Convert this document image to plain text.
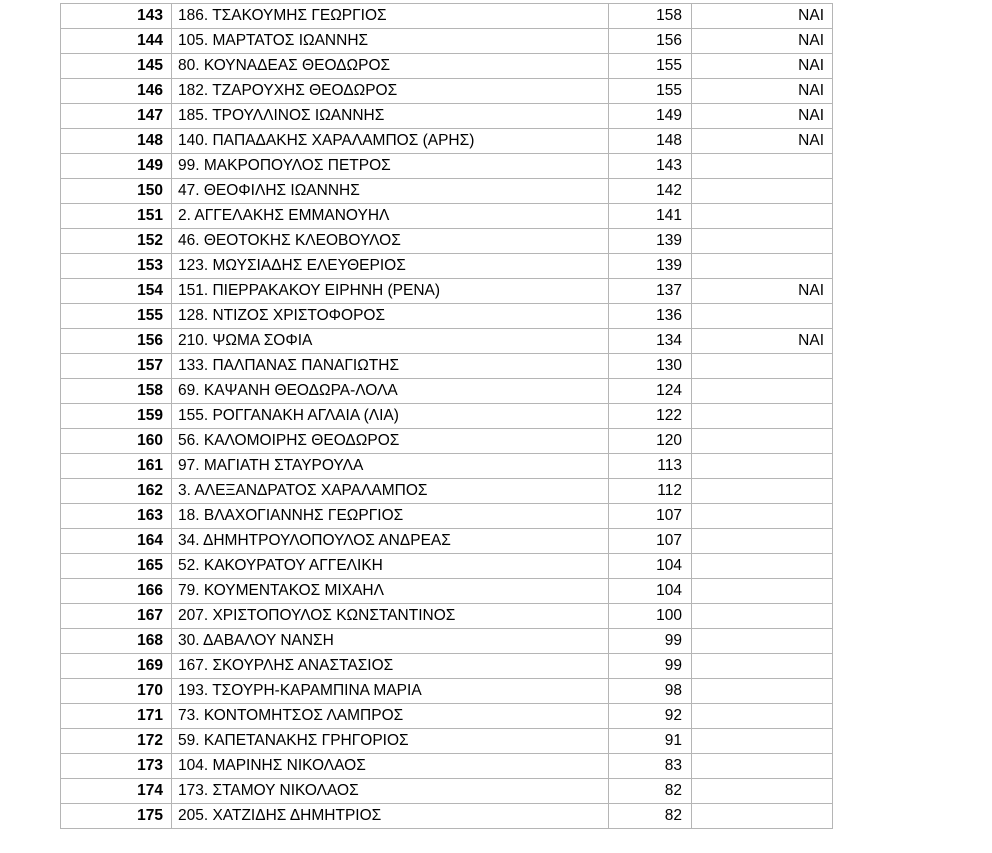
143	186. ΤΣΑΚΟΥΜΗΣ ΓΕΩΡΓΙΟΣ	158	ΝΑΙ
144	105. ΜΑΡΤΑΤΟΣ ΙΩΑΝΝΗΣ	156	ΝΑΙ
145	80. ΚΟΥΝΑΔΕΑΣ ΘΕΟΔΩΡΟΣ	155	ΝΑΙ
146	182. ΤΖΑΡΟΥΧΗΣ ΘΕΟΔΩΡΟΣ	155	ΝΑΙ
147	185. ΤΡΟΥΛΛΙΝΟΣ ΙΩΑΝΝΗΣ	149	ΝΑΙ
148	140. ΠΑΠΑΔΑΚΗΣ ΧΑΡΑΛΑΜΠΟΣ (ΑΡΗΣ)	148	ΝΑΙ
149	99. ΜΑΚΡΟΠΟΥΛΟΣ ΠΕΤΡΟΣ	143	
150	47. ΘΕΟΦΙΛΗΣ ΙΩΑΝΝΗΣ	142	
151	2. ΑΓΓΕΛΑΚΗΣ ΕΜΜΑΝΟΥΗΛ	141	
152	46. ΘΕΟΤΟΚΗΣ ΚΛΕΟΒΟΥΛΟΣ	139	
153	123. ΜΩΥΣΙΑΔΗΣ ΕΛΕΥΘΕΡΙΟΣ	139	
154	151. ΠΙΕΡΡΑΚΑΚΟΥ ΕΙΡΗΝΗ (ΡΕΝΑ)	137	ΝΑΙ
155	128. ΝΤΙΖΟΣ ΧΡΙΣΤΟΦΟΡΟΣ	136	
156	210. ΨΩΜΑ ΣΟΦΙΑ	134	ΝΑΙ
157	133. ΠΑΛΠΑΝΑΣ ΠΑΝΑΓΙΩΤΗΣ	130	
158	69. ΚΑΨΑΝΗ ΘΕΟΔΩΡΑ-ΛΟΛΑ	124	
159	155. ΡΟΓΓΑΝΑΚΗ ΑΓΛΑΙΑ (ΛΙΑ)	122	
160	56. ΚΑΛΟΜΟΙΡΗΣ ΘΕΟΔΩΡΟΣ	120	
161	97. ΜΑΓΙΑΤΗ ΣΤΑΥΡΟΥΛΑ	113	
162	3. ΑΛΕΞΑΝΔΡΑΤΟΣ ΧΑΡΑΛΑΜΠΟΣ	112	
163	18. ΒΛΑΧΟΓΙΑΝΝΗΣ ΓΕΩΡΓΙΟΣ	107	
164	34. ΔΗΜΗΤΡΟΥΛΟΠΟΥΛΟΣ ΑΝΔΡΕΑΣ	107	
165	52. ΚΑΚΟΥΡΑΤΟΥ ΑΓΓΕΛΙΚΗ	104	
166	79. ΚΟΥΜΕΝΤΑΚΟΣ ΜΙΧΑΗΛ	104	
167	207. ΧΡΙΣΤΟΠΟΥΛΟΣ ΚΩΝΣΤΑΝΤΙΝΟΣ	100	
168	30. ΔΑΒΑΛΟΥ ΝΑΝΣΗ	99	
169	167. ΣΚΟΥΡΛΗΣ ΑΝΑΣΤΑΣΙΟΣ	99	
170	193. ΤΣΟΥΡΗ-ΚΑΡΑΜΠΙΝΑ ΜΑΡΙΑ	98	
171	73. ΚΟΝΤΟΜΗΤΣΟΣ ΛΑΜΠΡΟΣ	92	
172	59. ΚΑΠΕΤΑΝΑΚΗΣ ΓΡΗΓΟΡΙΟΣ	91	
173	104. ΜΑΡΙΝΗΣ ΝΙΚΟΛΑΟΣ	83	
174	173. ΣΤΑΜΟΥ ΝΙΚΟΛΑΟΣ	82	
175	205. ΧΑΤΖΙΔΗΣ ΔΗΜΗΤΡΙΟΣ	82	
